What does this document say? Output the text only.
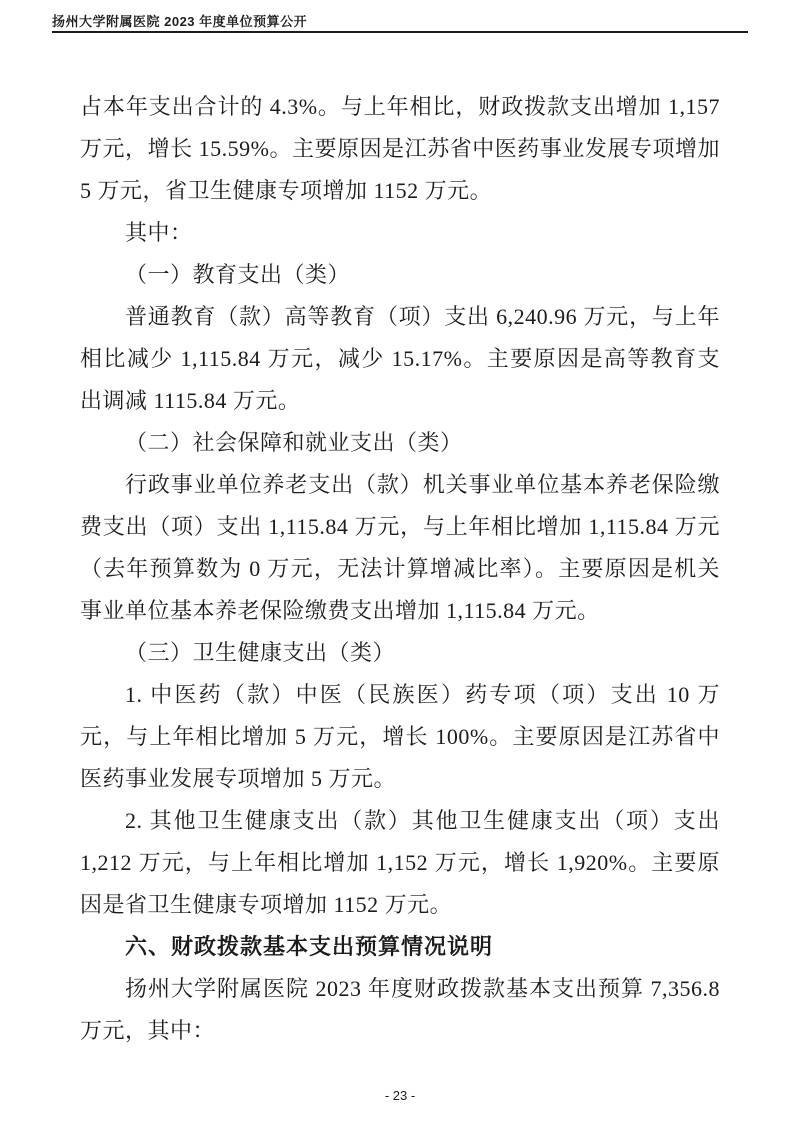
扬州大学附属医院 2023 年度单位预算公开

占本年支出合计的 4.3%。与上年相比，财政拨款支出增加 1,157 万元，增长 15.59%。主要原因是江苏省中医药事业发展专项增加 5 万元，省卫生健康专项增加 1152 万元。

其中：

（一）教育支出（类）

普通教育（款）高等教育（项）支出 6,240.96 万元，与上年相比减少 1,115.84 万元，减少 15.17%。主要原因是高等教育支出调减 1115.84 万元。

（二）社会保障和就业支出（类）

行政事业单位养老支出（款）机关事业单位基本养老保险缴费支出（项）支出 1,115.84 万元，与上年相比增加 1,115.84 万元（去年预算数为 0 万元，无法计算增减比率）。主要原因是机关事业单位基本养老保险缴费支出增加 1,115.84 万元。

（三）卫生健康支出（类）

1. 中医药（款）中医（民族医）药专项（项）支出 10 万元，与上年相比增加 5 万元，增长 100%。主要原因是江苏省中医药事业发展专项增加 5 万元。

2. 其他卫生健康支出（款）其他卫生健康支出（项）支出 1,212 万元，与上年相比增加 1,152 万元，增长 1,920%。主要原因是省卫生健康专项增加 1152 万元。

六、财政拨款基本支出预算情况说明

扬州大学附属医院 2023 年度财政拨款基本支出预算 7,356.8 万元，其中：

- 23 -
